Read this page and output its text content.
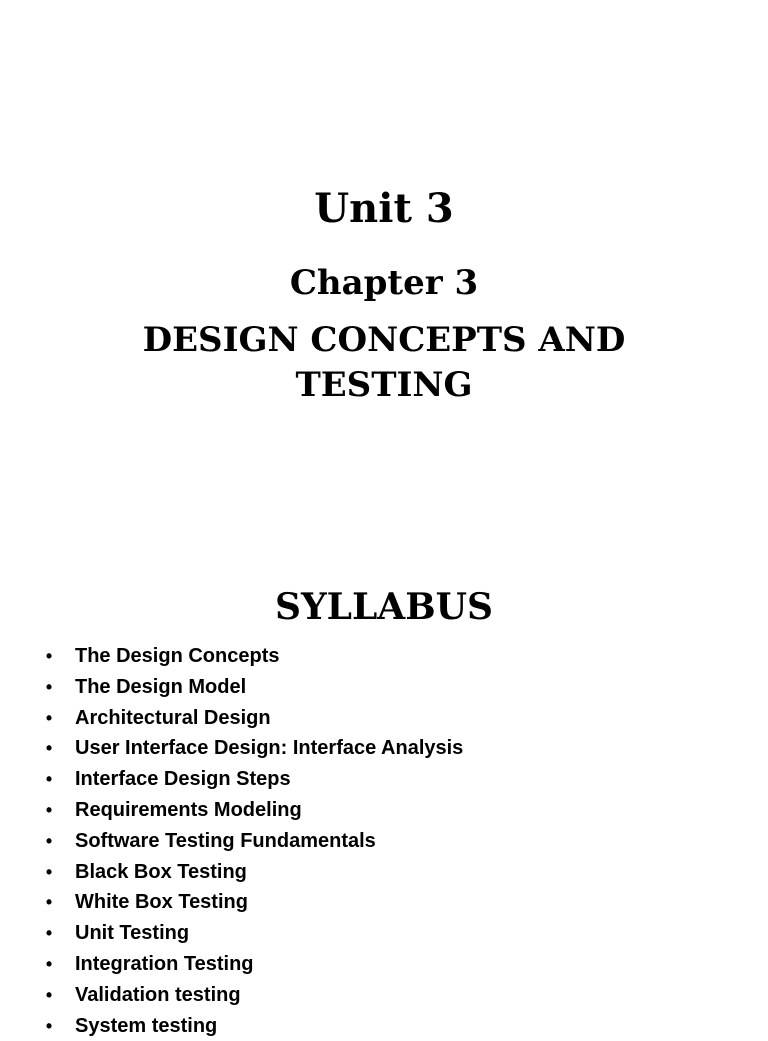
Unit 3
Chapter 3
DESIGN CONCEPTS AND TESTING
SYLLABUS
• The Design Concepts
• The Design Model
• Architectural Design
• User Interface Design: Interface Analysis
• Interface Design Steps
• Requirements Modeling
• Software Testing Fundamentals
• Black Box Testing
• White Box Testing
• Unit Testing
• Integration Testing
• Validation testing
• System testing
